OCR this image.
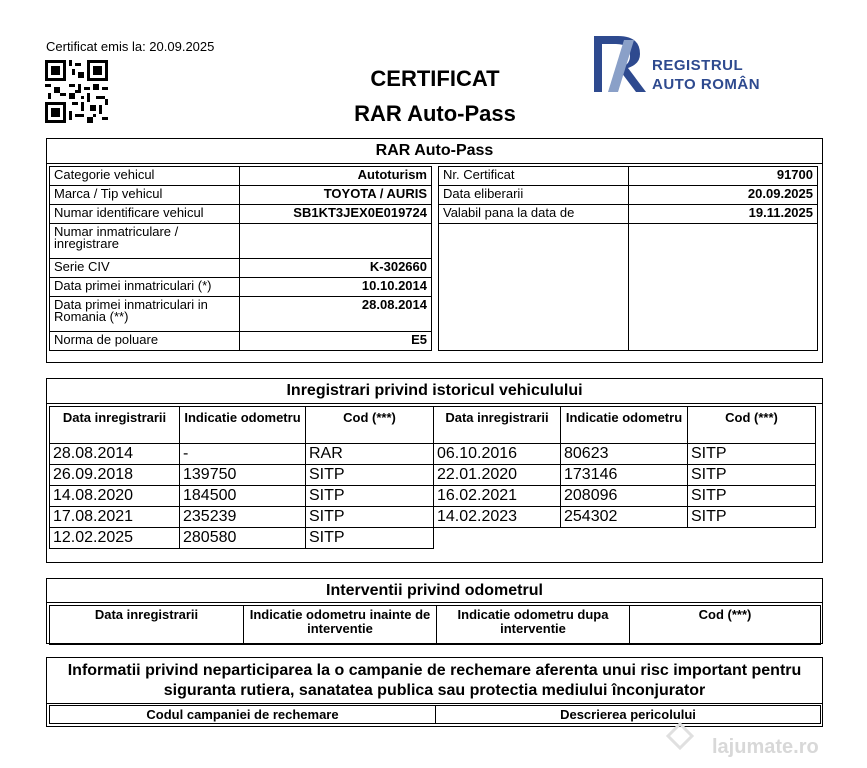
Certificat emis la: 20.09.2025
CERTIFICAT
RAR Auto-Pass
REGISTRUL
AUTO ROMÂN
RAR Auto-Pass
Categorie vehicul	Autoturism
Marca / Tip vehicul	TOYOTA / AURIS
Numar identificare vehicul	SB1KT3JEX0E019724
Numar inmatriculare / inregistrare	
Serie CIV	K-302660
Data primei inmatriculari (*)	10.10.2014
Data primei inmatriculari in Romania (**)	28.08.2014
Norma de poluare	E5
Nr. Certificat	91700
Data eliberarii	20.09.2025
Valabil pana la data de	19.11.2025

Inregistrari privind istoricul vehiculului
Data inregistrarii	Indicatie odometru	Cod (***)	Data inregistrarii	Indicatie odometru	Cod (***)
28.08.2014	-	RAR	06.10.2016	80623	SITP
26.09.2018	139750	SITP	22.01.2020	173146	SITP
14.08.2020	184500	SITP	16.02.2021	208096	SITP
17.08.2021	235239	SITP	14.02.2023	254302	SITP
12.02.2025	280580	SITP			
Interventii privind odometrul
Data inregistrarii	Indicatie odometru inainte de interventie	Indicatie odometru dupa interventie	Cod (***)
Informatii privind neparticiparea la o campanie de rechemare aferenta unui risc important pentru siguranta rutiera, sanatatea publica sau protectia mediului înconjurator
Codul campaniei de rechemare	Descrierea pericolului
lajumate.ro
